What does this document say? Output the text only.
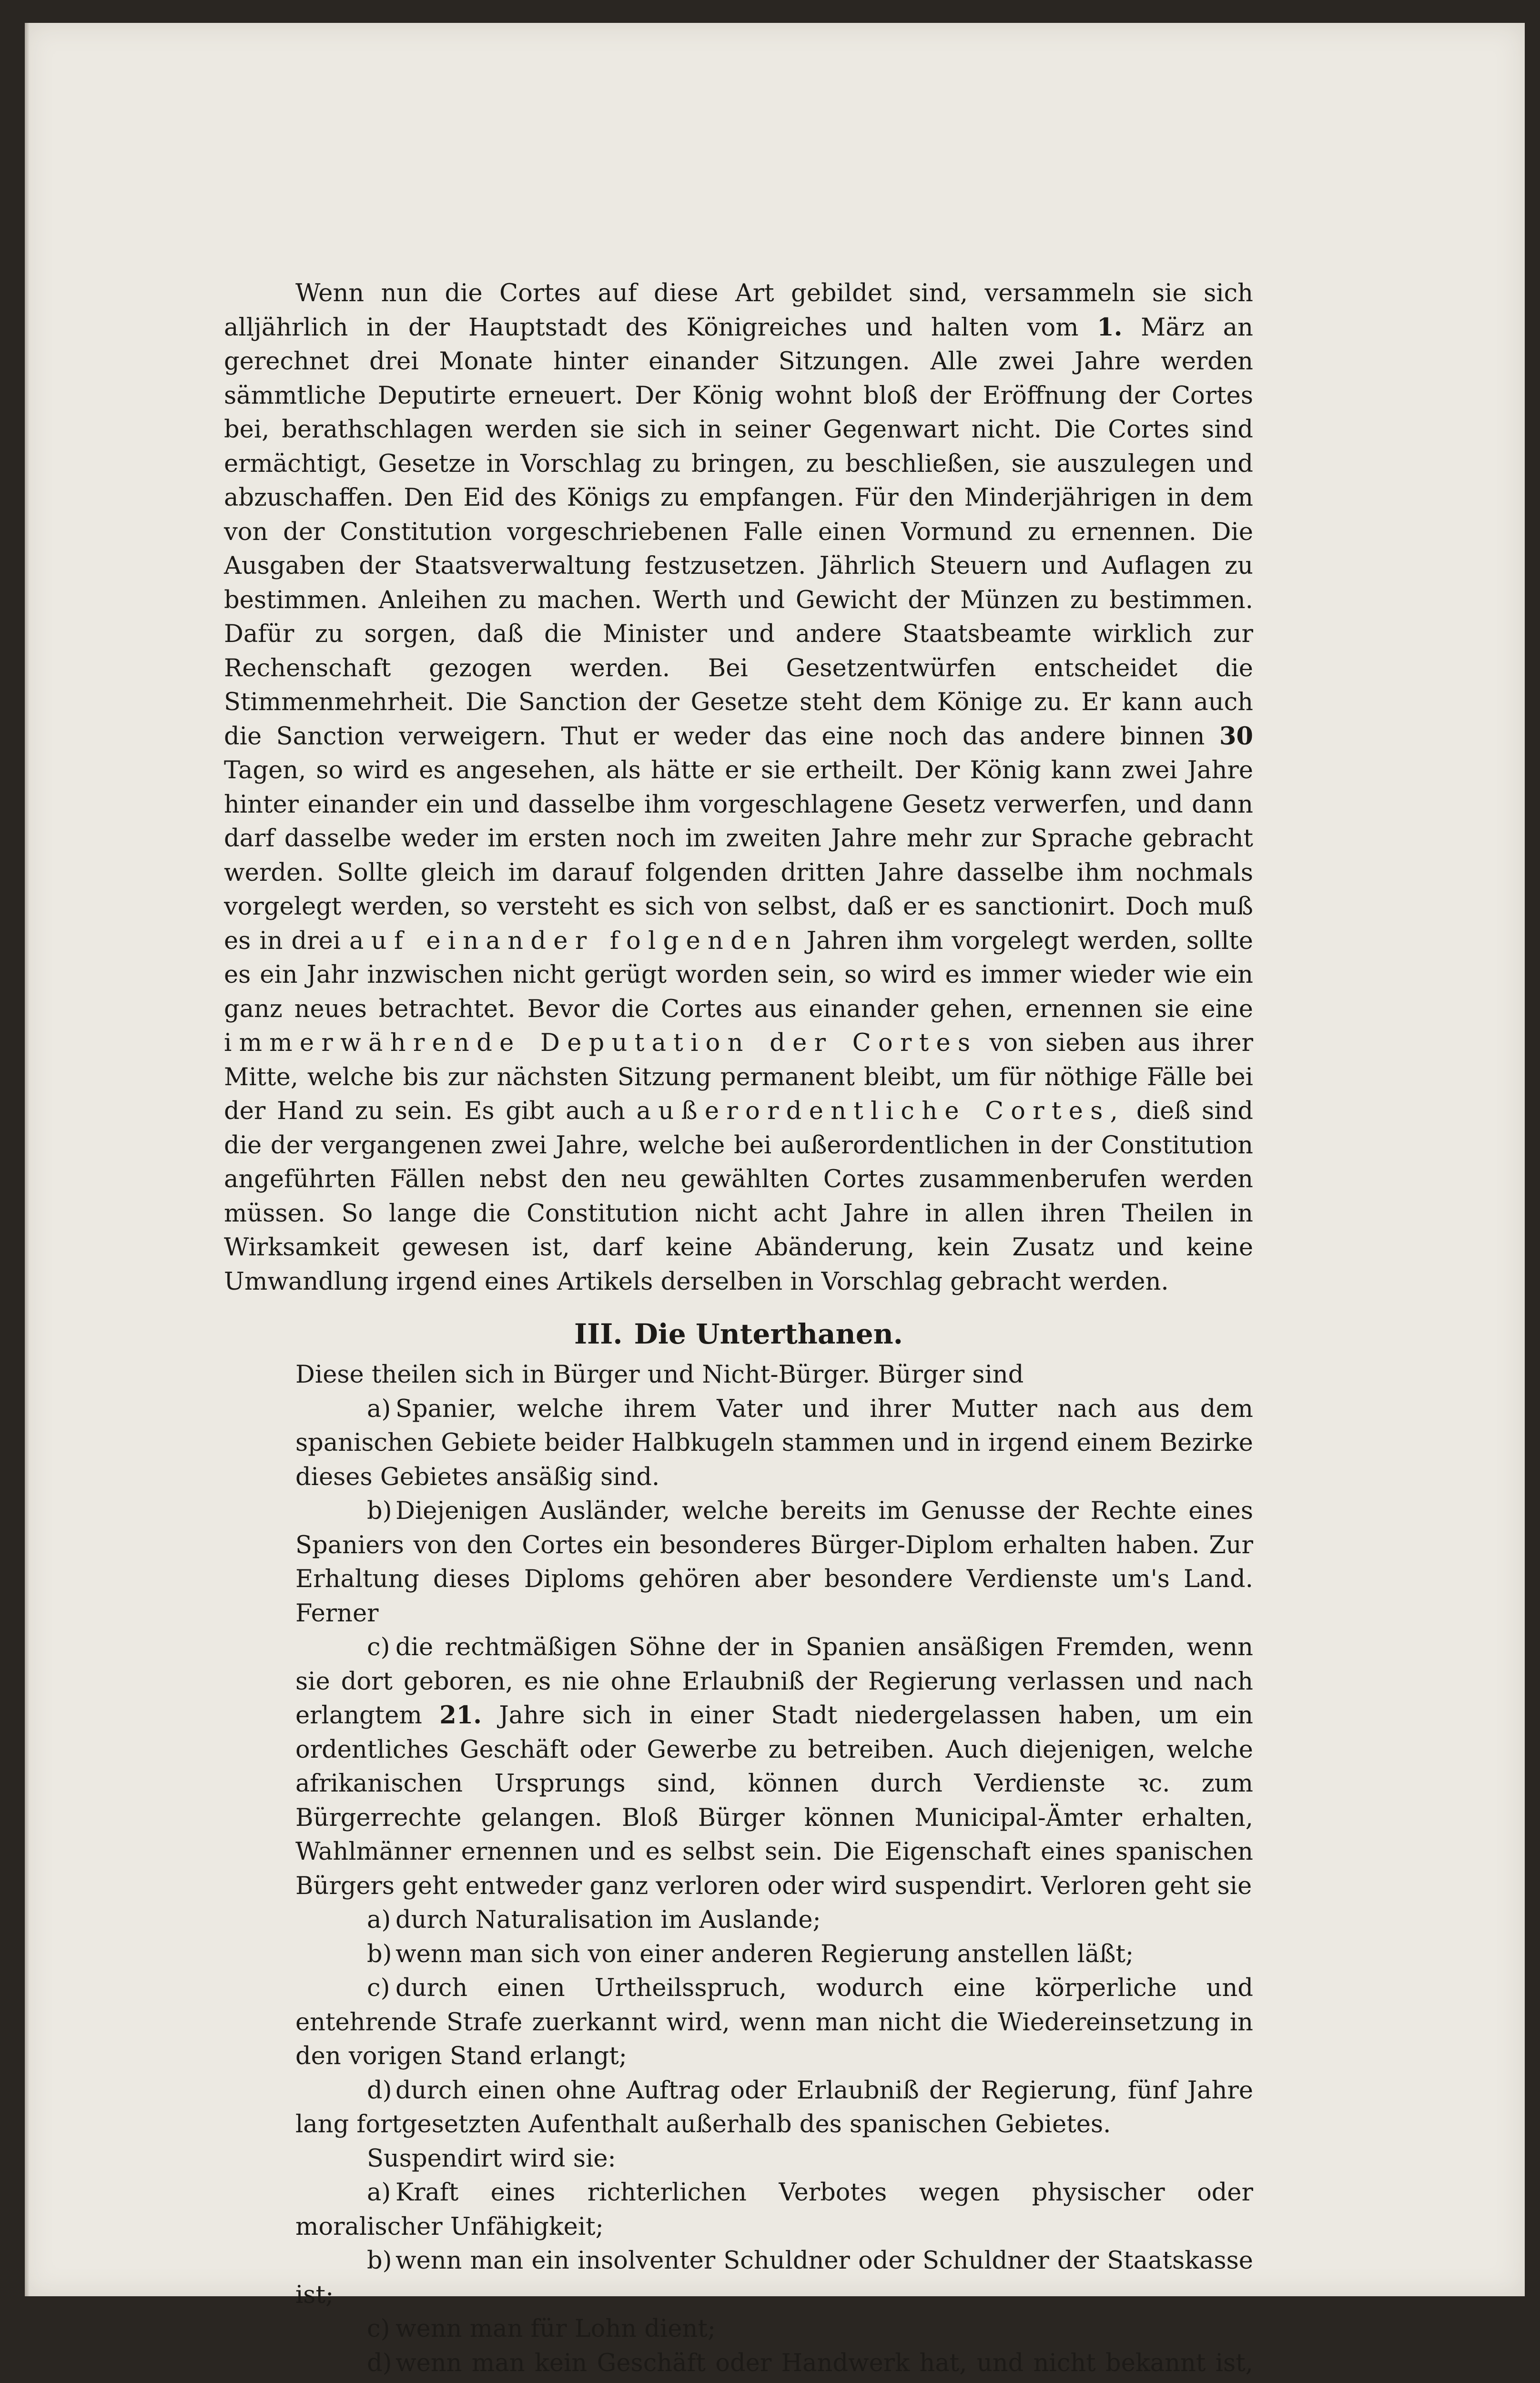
Wenn nun die Cortes auf diese Art gebildet sind, versammeln sie sich alljährlich in der Hauptstadt des Königreiches und halten vom 1. März an gerechnet drei Monate hinter einander Sitzungen. Alle zwei Jahre werden sämmtliche Deputirte erneuert. Der König wohnt bloß der Eröffnung der Cortes bei, berathschlagen werden sie sich in seiner Gegenwart nicht. Die Cortes sind ermächtigt, Gesetze in Vorschlag zu bringen, zu beschließen, sie auszulegen und abzuschaffen. Den Eid des Königs zu empfangen. Für den Minderjährigen in dem von der Constitution vorgeschriebenen Falle einen Vormund zu ernennen. Die Ausgaben der Staatsverwaltung festzusetzen. Jährlich Steuern und Auflagen zu bestimmen. Anleihen zu machen. Werth und Gewicht der Münzen zu bestimmen. Dafür zu sorgen, daß die Minister und andere Staatsbeamte wirklich zur Rechenschaft gezogen werden. Bei Gesetzentwürfen entscheidet die Stimmenmehrheit. Die Sanction der Gesetze steht dem Könige zu. Er kann auch die Sanction verweigern. Thut er weder das eine noch das andere binnen 30 Tagen, so wird es angesehen, als hätte er sie ertheilt. Der König kann zwei Jahre hinter einander ein und dasselbe ihm vorgeschlagene Gesetz verwerfen, und dann darf dasselbe weder im ersten noch im zweiten Jahre mehr zur Sprache gebracht werden. Sollte gleich im darauf folgenden dritten Jahre dasselbe ihm nochmals vorgelegt werden, so versteht es sich von selbst, daß er es sanctionirt. Doch muß es in drei auf einander folgenden Jahren ihm vorgelegt werden, sollte es ein Jahr inzwischen nicht gerügt worden sein, so wird es immer wieder wie ein ganz neues betrachtet. Bevor die Cortes aus einander gehen, ernennen sie eine immerwährende Deputation der Cortes von sieben aus ihrer Mitte, welche bis zur nächsten Sitzung permanent bleibt, um für nöthige Fälle bei der Hand zu sein. Es gibt auch außerordentliche Cortes, dieß sind die der vergangenen zwei Jahre, welche bei außerordentlichen in der Constitution angeführten Fällen nebst den neu gewählten Cortes zusammenberufen werden müssen. So lange die Constitution nicht acht Jahre in allen ihren Theilen in Wirksamkeit gewesen ist, darf keine Abänderung, kein Zusatz und keine Umwandlung irgend eines Artikels derselben in Vorschlag gebracht werden.

III. Die Unterthanen.

Diese theilen sich in Bürger und Nicht-Bürger. Bürger sind

a) Spanier, welche ihrem Vater und ihrer Mutter nach aus dem spanischen Gebiete beider Halbkugeln stammen und in irgend einem Bezirke dieses Gebietes ansäßig sind.

b) Diejenigen Ausländer, welche bereits im Genusse der Rechte eines Spaniers von den Cortes ein besonderes Bürger-Diplom erhalten haben. Zur Erhaltung dieses Diploms gehören aber besondere Verdienste um's Land. Ferner

c) die rechtmäßigen Söhne der in Spanien ansäßigen Fremden, wenn sie dort geboren, es nie ohne Erlaubniß der Regierung verlassen und nach erlangtem 21. Jahre sich in einer Stadt niedergelassen haben, um ein ordentliches Geschäft oder Gewerbe zu betreiben. Auch diejenigen, welche afrikanischen Ursprungs sind, können durch Verdienste ꝛc. zum Bürgerrechte gelangen. Bloß Bürger können Municipal-Ämter erhalten, Wahlmänner ernennen und es selbst sein. Die Eigenschaft eines spanischen Bürgers geht entweder ganz verloren oder wird suspendirt. Verloren geht sie

a) durch Naturalisation im Auslande;

b) wenn man sich von einer anderen Regierung anstellen läßt;

c) durch einen Urtheilsspruch, wodurch eine körperliche und entehrende Strafe zuerkannt wird, wenn man nicht die Wiedereinsetzung in den vorigen Stand erlangt;

d) durch einen ohne Auftrag oder Erlaubniß der Regierung, fünf Jahre lang fortgesetzten Aufenthalt außerhalb des spanischen Gebietes.

Suspendirt wird sie:

a) Kraft eines richterlichen Verbotes wegen physischer oder moralischer Unfähigkeit;

b) wenn man ein insolventer Schuldner oder Schuldner der Staatskasse ist;

c) wenn man für Lohn dient;

d) wenn man kein Geschäft oder Handwerk hat, und nicht bekannt ist,
